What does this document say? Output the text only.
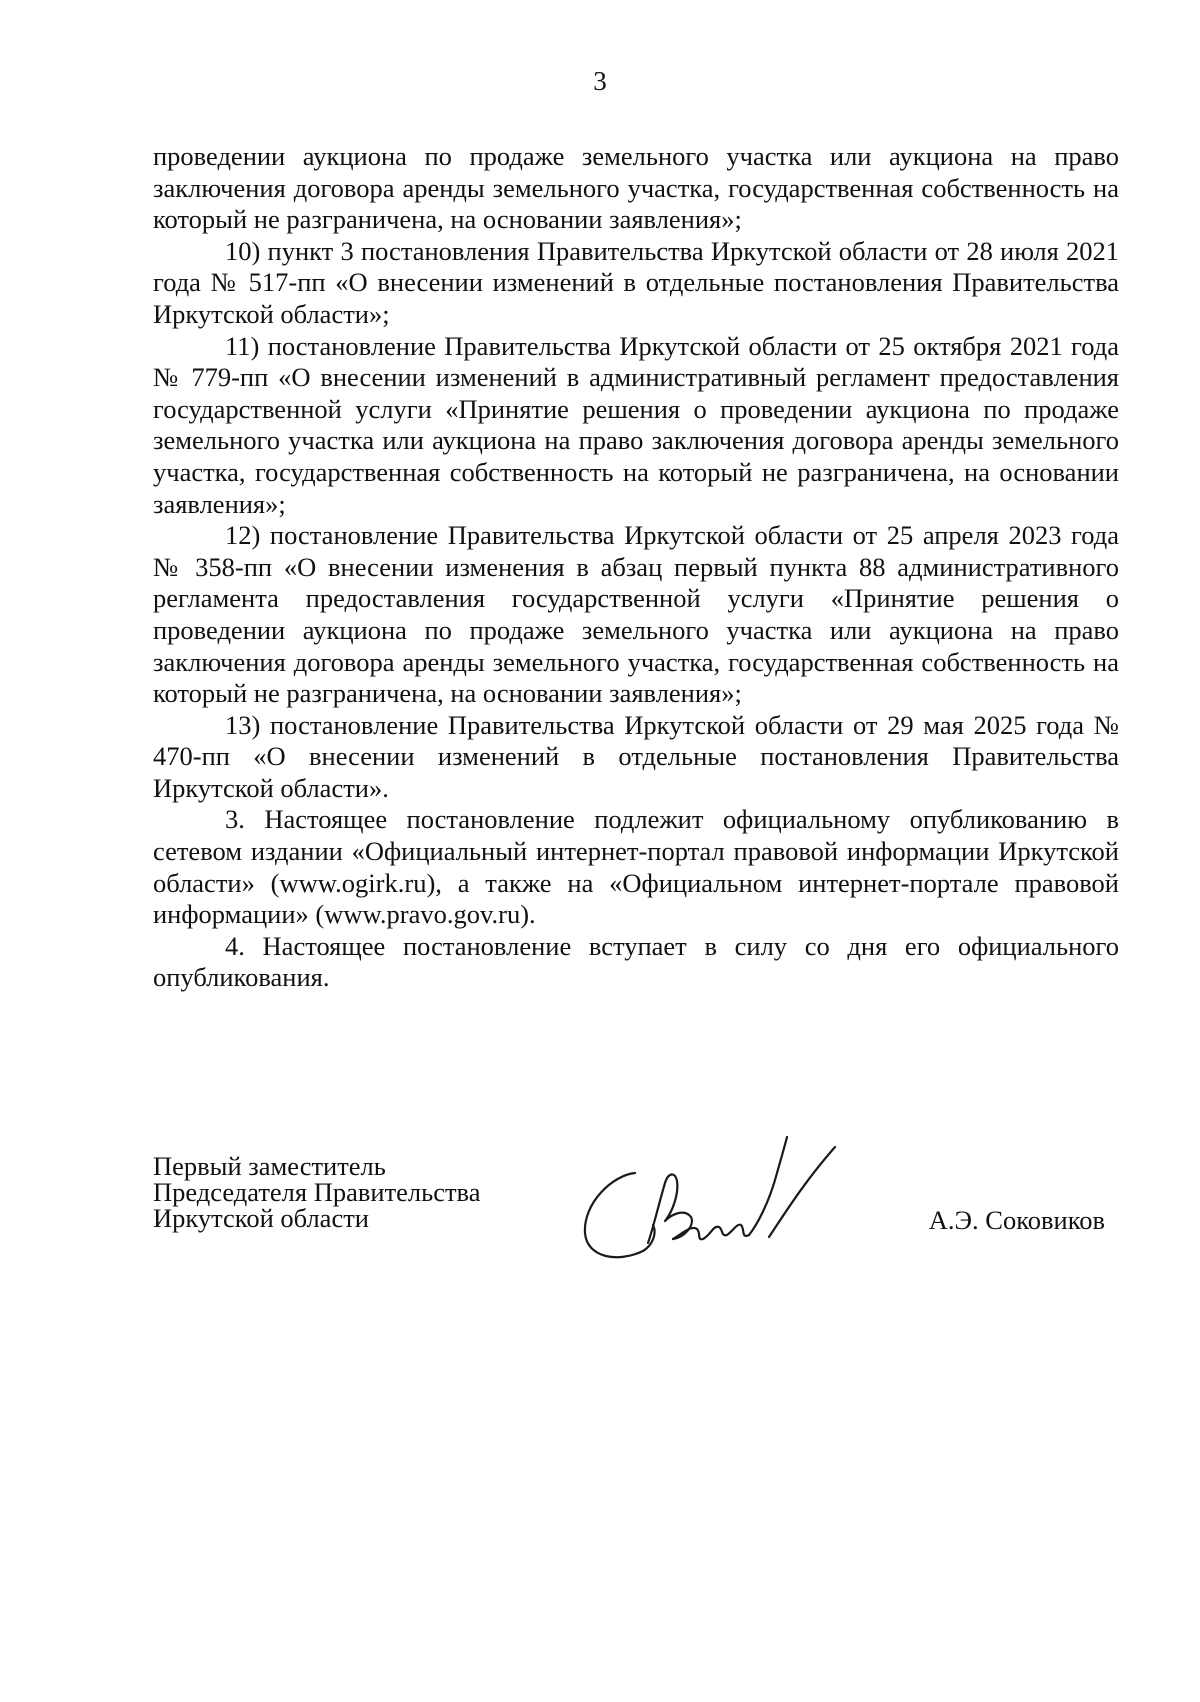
3

проведении аукциона по продаже земельного участка или аукциона на право заключения договора аренды земельного участка, государственная собственность на который не разграничена, на основании заявления»;

10) пункт 3 постановления Правительства Иркутской области от 28 июля 2021 года № 517-пп «О внесении изменений в отдельные постановления Правительства Иркутской области»;

11) постановление Правительства Иркутской области от 25 октября 2021 года № 779-пп «О внесении изменений в административный регламент предоставления государственной услуги «Принятие решения о проведении аукциона по продаже земельного участка или аукциона на право заключения договора аренды земельного участка, государственная собственность на который не разграничена, на основании заявления»;

12) постановление Правительства Иркутской области от 25 апреля 2023 года № 358-пп «О внесении изменения в абзац первый пункта 88 административного регламента предоставления государственной услуги «Принятие решения о проведении аукциона по продаже земельного участка или аукциона на право заключения договора аренды земельного участка, государственная собственность на который не разграничена, на основании заявления»;

13) постановление Правительства Иркутской области от 29 мая 2025 года № 470-пп «О внесении изменений в отдельные постановления Правительства Иркутской области».

3. Настоящее постановление подлежит официальному опубликованию в сетевом издании «Официальный интернет-портал правовой информации Иркутской области» (www.ogirk.ru), а также на «Официальном интернет-портале правовой информации» (www.pravo.gov.ru).

4. Настоящее постановление вступает в силу со дня его официального опубликования.

Первый заместитель
Председателя Правительства
Иркутской области	А.Э. Соковиков
